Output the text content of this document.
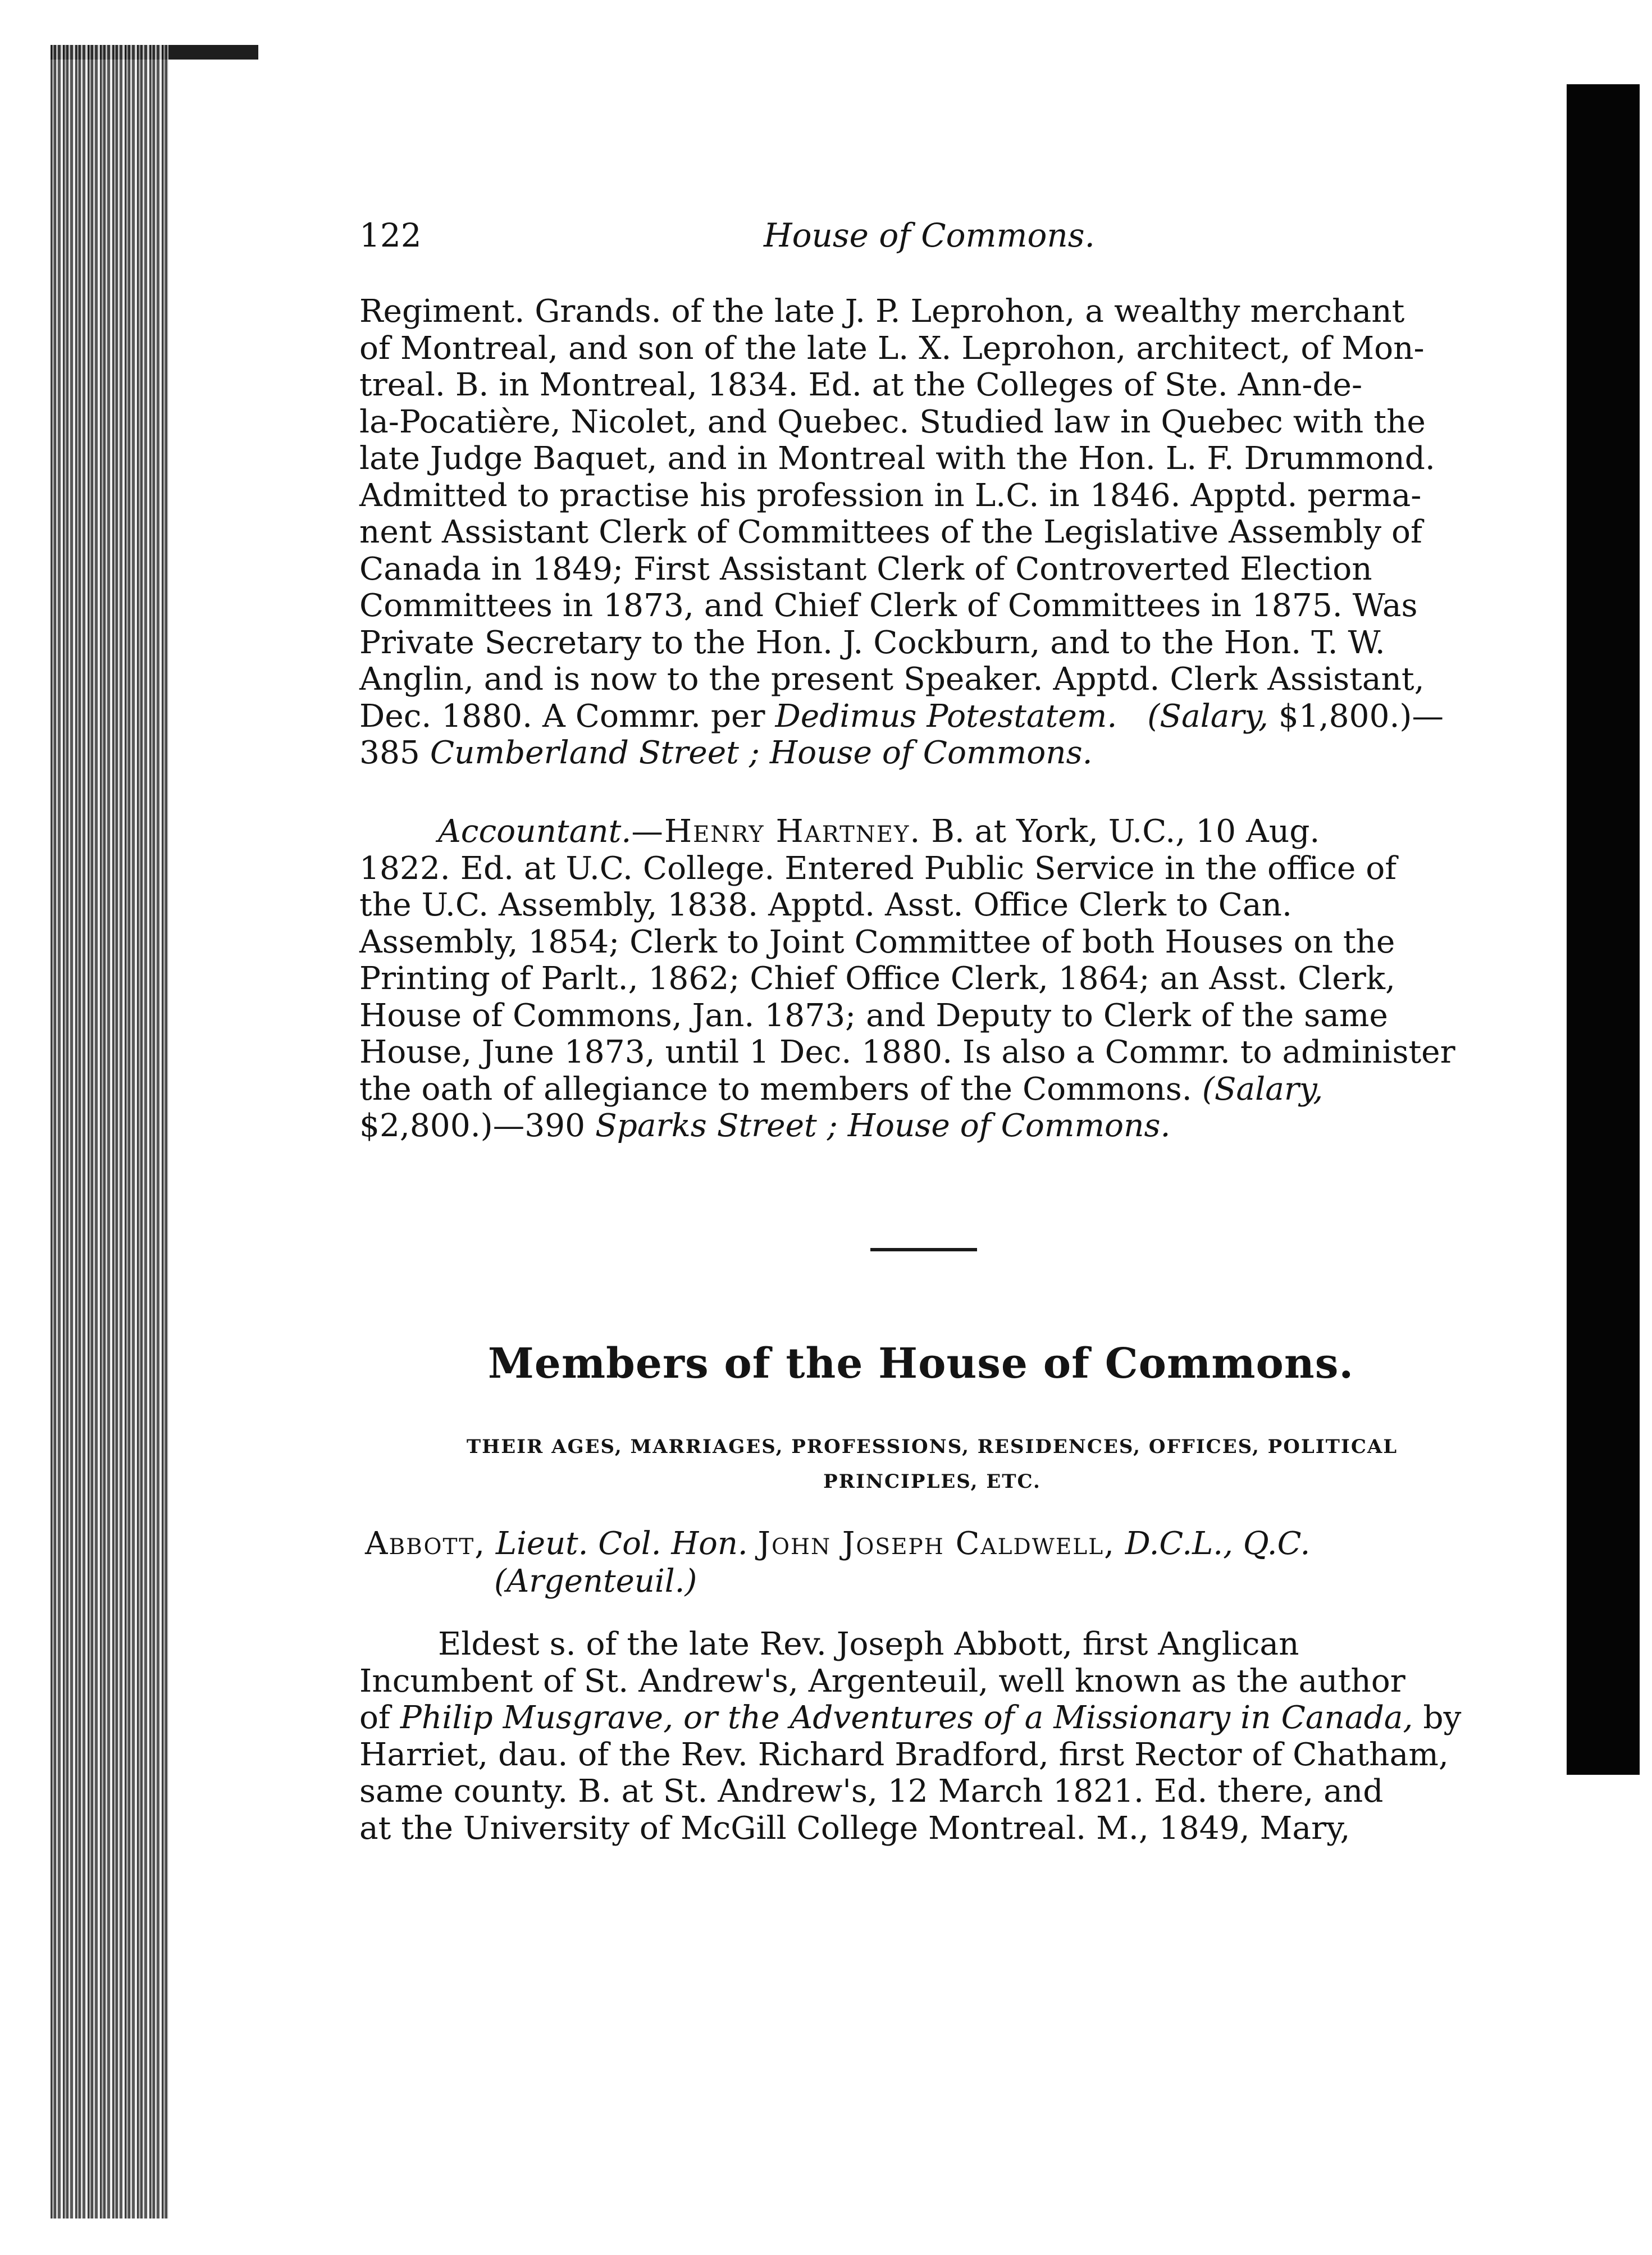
122	House of Commons.
Regiment. Grands. of the late J. P. Leprohon, a wealthy merchant
of Montreal, and son of the late L. X. Leprohon, architect, of Mon-
treal. B. in Montreal, 1834. Ed. at the Colleges of Ste. Ann-de-
la-Pocatière, Nicolet, and Quebec. Studied law in Quebec with the
late Judge Baquet, and in Montreal with the Hon. L. F. Drummond.
Admitted to practise his profession in L.C. in 1846. Apptd. perma-
nent Assistant Clerk of Committees of the Legislative Assembly of
Canada in 1849; First Assistant Clerk of Controverted Election
Committees in 1873, and Chief Clerk of Committees in 1875. Was
Private Secretary to the Hon. J. Cockburn, and to the Hon. T. W.
Anglin, and is now to the present Speaker. Apptd. Clerk Assistant,
Dec. 1880. A Commr. per Dedimus Potestatem. (Salary, $1,800.)—
385 Cumberland Street ; House of Commons.
Accountant.—Henry Hartney. B. at York, U.C., 10 Aug.
1822. Ed. at U.C. College. Entered Public Service in the office of
the U.C. Assembly, 1838. Apptd. Asst. Office Clerk to Can.
Assembly, 1854; Clerk to Joint Committee of both Houses on the
Printing of Parlt., 1862; Chief Office Clerk, 1864; an Asst. Clerk,
House of Commons, Jan. 1873; and Deputy to Clerk of the same
House, June 1873, until 1 Dec. 1880. Is also a Commr. to administer
the oath of allegiance to members of the Commons. (Salary,
$2,800.)—390 Sparks Street ; House of Commons.
Members of the House of Commons.
THEIR AGES, MARRIAGES, PROFESSIONS, RESIDENCES, OFFICES, POLITICAL
PRINCIPLES, ETC.
Abbott, Lieut. Col. Hon. John Joseph Caldwell, D.C.L., Q.C.
(Argenteuil.)
Eldest s. of the late Rev. Joseph Abbott, first Anglican
Incumbent of St. Andrew's, Argenteuil, well known as the author
of Philip Musgrave, or the Adventures of a Missionary in Canada, by
Harriet, dau. of the Rev. Richard Bradford, first Rector of Chatham,
same county. B. at St. Andrew's, 12 March 1821. Ed. there, and
at the University of McGill College Montreal. M., 1849, Mary,
